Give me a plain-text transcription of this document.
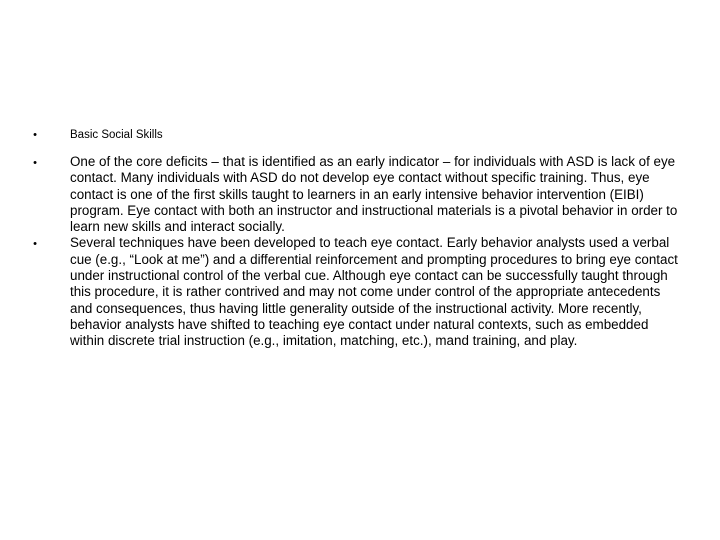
•	Basic Social Skills
• One of the core deficits – that is identified as an early indicator – for individuals with ASD is lack of eye contact. Many individuals with ASD do not develop eye contact without specific training. Thus, eye contact is one of the first skills taught to learners in an early intensive behavior intervention (EIBI) program. Eye contact with both an instructor and instructional materials is a pivotal behavior in order to learn new skills and interact socially.
• Several techniques have been developed to teach eye contact. Early behavior analysts used a verbal cue (e.g., “Look at me”) and a differential reinforcement and prompting procedures to bring eye contact under instructional control of the verbal cue. Although eye contact can be successfully taught through this procedure, it is rather contrived and may not come under control of the appropriate antecedents and consequences, thus having little generality outside of the instructional activity. More recently, behavior analysts have shifted to teaching eye contact under natural contexts, such as embedded within discrete trial instruction (e.g., imitation, matching, etc.), mand training, and play.
